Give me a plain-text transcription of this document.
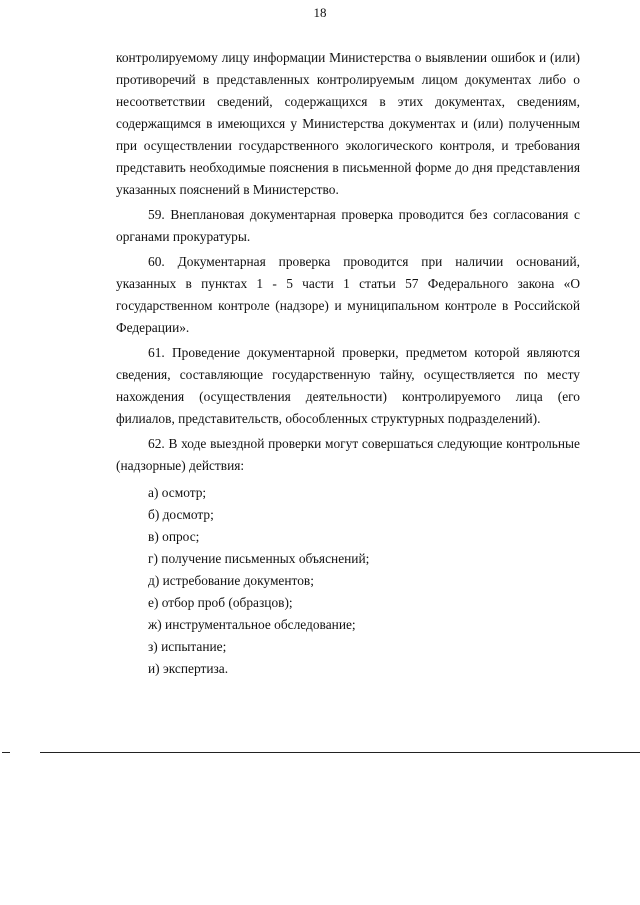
18

контролируемому лицу информации Министерства о выявлении ошибок и (или) противоречий в представленных контролируемым лицом документах либо о несоответствии сведений, содержащихся в этих документах, сведениям, содержащимся в имеющихся у Министерства документах и (или) полученным при осуществлении государственного экологического контроля, и требования представить необходимые пояснения в письменной форме до дня представления указанных пояснений в Министерство.

59. Внеплановая документарная проверка проводится без согласования с органами прокуратуры.

60. Документарная проверка проводится при наличии оснований, указанных в пунктах 1 - 5 части 1 статьи 57 Федерального закона «О государственном контроле (надзоре) и муниципальном контроле в Российской Федерации».

61. Проведение документарной проверки, предметом которой являются сведения, составляющие государственную тайну, осуществляется по месту нахождения (осуществления деятельности) контролируемого лица (его филиалов, представительств, обособленных структурных подразделений).

62. В ходе выездной проверки могут совершаться следующие контрольные (надзорные) действия:

а) осмотр;
б) досмотр;
в) опрос;
г) получение письменных объяснений;
д) истребование документов;
е) отбор проб (образцов);
ж) инструментальное обследование;
з) испытание;
и) экспертиза.
